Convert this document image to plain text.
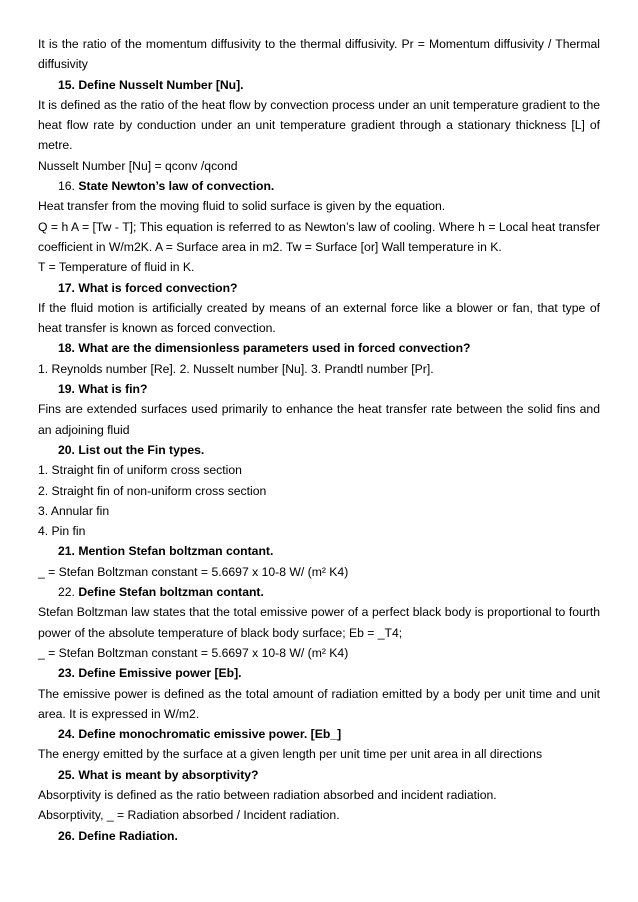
It is the ratio of the momentum diffusivity to the thermal diffusivity. Pr = Momentum diffusivity / Thermal diffusivity

15. Define Nusselt Number [Nu].

It is defined as the ratio of the heat flow by convection process under an unit temperature gradient to the heat flow rate by conduction under an unit temperature gradient through a stationary thickness [L] of metre.

Nusselt Number [Nu] = qconv /qcond

16. State Newton’s law of convection.

Heat transfer from the moving fluid to solid surface is given by the equation.

Q = h A = [Tw - T]; This equation is referred to as Newton’s law of cooling. Where h = Local heat transfer coefficient in W/m2K. A = Surface area in m2. Tw = Surface [or] Wall temperature in K.

T = Temperature of fluid in K.

17. What is forced convection?

If the fluid motion is artificially created by means of an external force like a blower or fan, that type of heat transfer is known as forced convection.

18. What are the dimensionless parameters used in forced convection?

1. Reynolds number [Re]. 2. Nusselt number [Nu]. 3. Prandtl number [Pr].

19. What is fin?

Fins are extended surfaces used primarily to enhance the heat transfer rate between the solid fins and an adjoining fluid

20. List out the Fin types.

1. Straight fin of uniform cross section

2. Straight fin of non-uniform cross section

3. Annular fin

4. Pin fin

21. Mention Stefan boltzman contant.

_ = Stefan Boltzman constant = 5.6697 x 10-8 W/ (m² K4)

22. Define Stefan boltzman contant.

Stefan Boltzman law states that the total emissive power of a perfect black body is proportional to fourth power of the absolute temperature of black body surface; Eb = _T4;

_ = Stefan Boltzman constant = 5.6697 x 10-8 W/ (m² K4)

23. Define Emissive power [Eb].

The emissive power is defined as the total amount of radiation emitted by a body per unit time and unit area. It is expressed in W/m2.

24. Define monochromatic emissive power. [Eb_]

The energy emitted by the surface at a given length per unit time per unit area in all directions

25. What is meant by absorptivity?

Absorptivity is defined as the ratio between radiation absorbed and incident radiation.

Absorptivity, _ = Radiation absorbed / Incident radiation.

26. Define Radiation.
